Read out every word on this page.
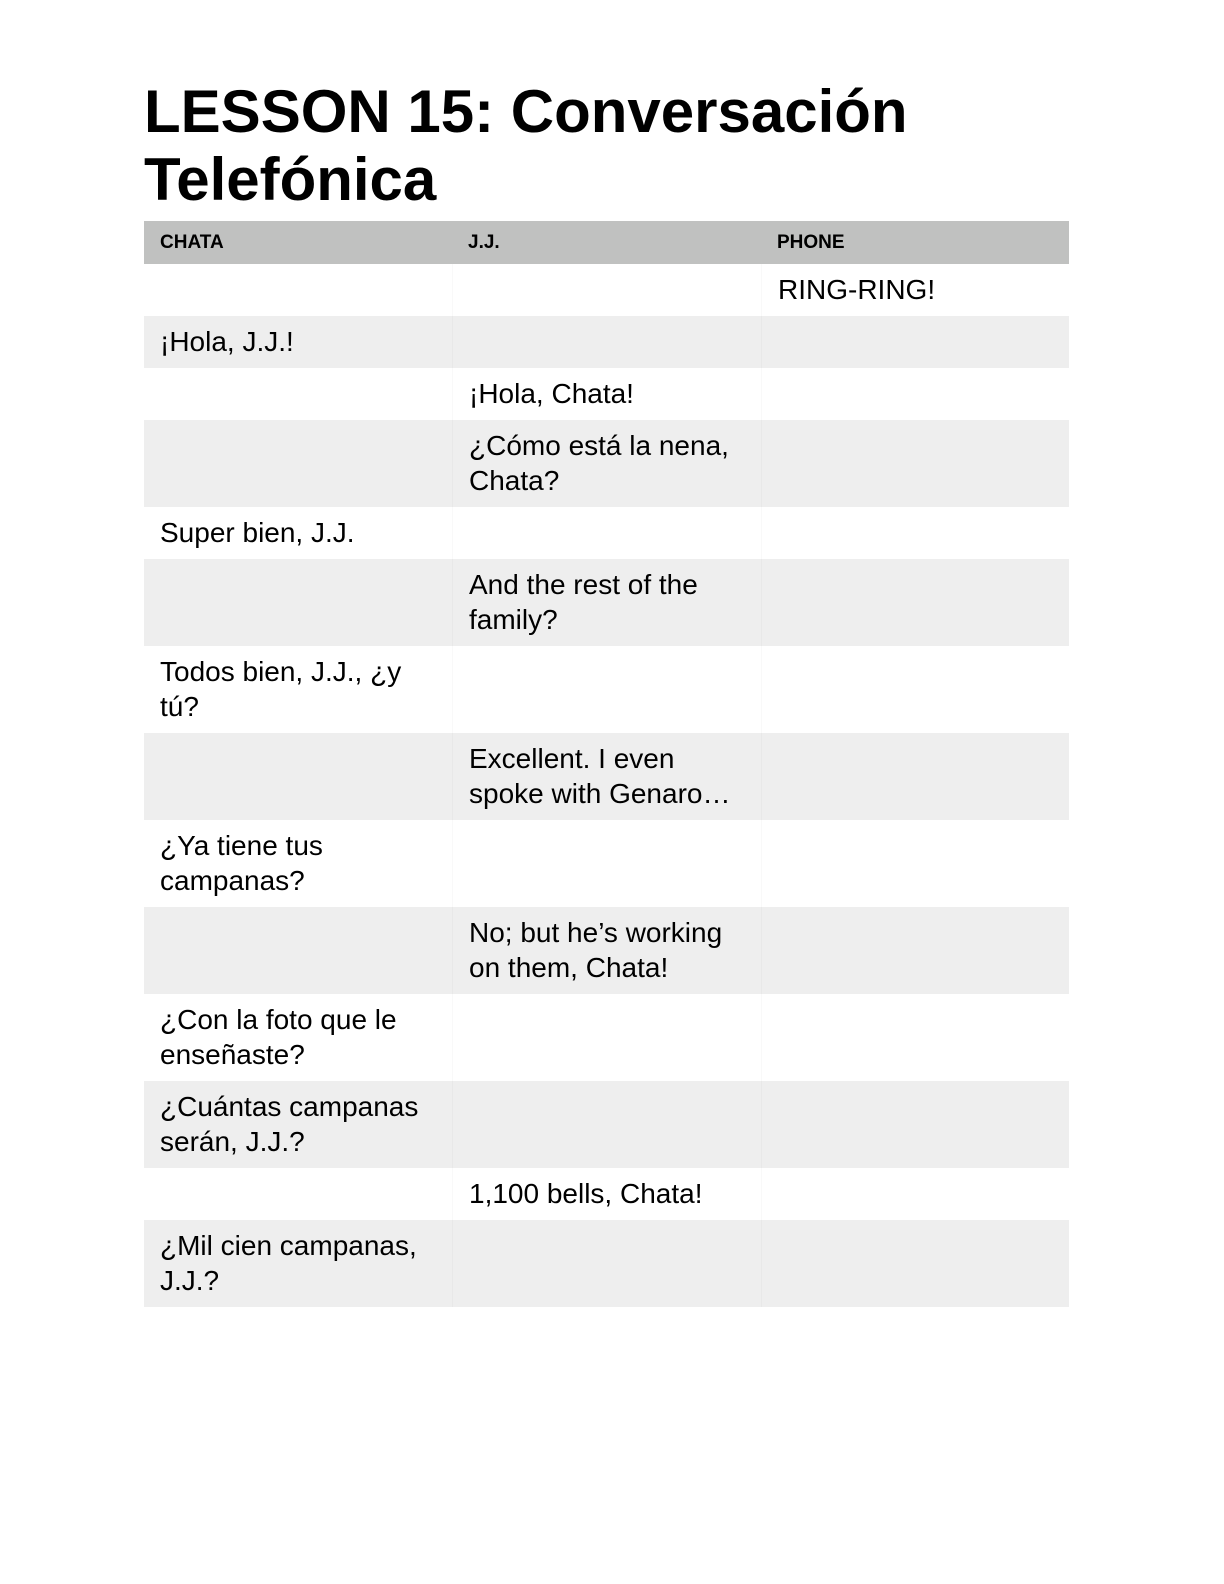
LESSON 15: Conversación Telefónica
CHATA	J.J.	PHONE
		RING-RING!
¡Hola, J.J.!		
	¡Hola, Chata!	
	¿Cómo está la nena, Chata?	
Super bien, J.J.		
	And the rest of the family?	
Todos bien, J.J., ¿y tú?		
	Excellent. I even spoke with Genaro…	
¿Ya tiene tus campanas?		
	No; but he’s working on them, Chata!	
¿Con la foto que le enseñaste?		
¿Cuántas campanas serán, J.J.?		
	1,100 bells, Chata!	
¿Mil cien campanas, J.J.?		
